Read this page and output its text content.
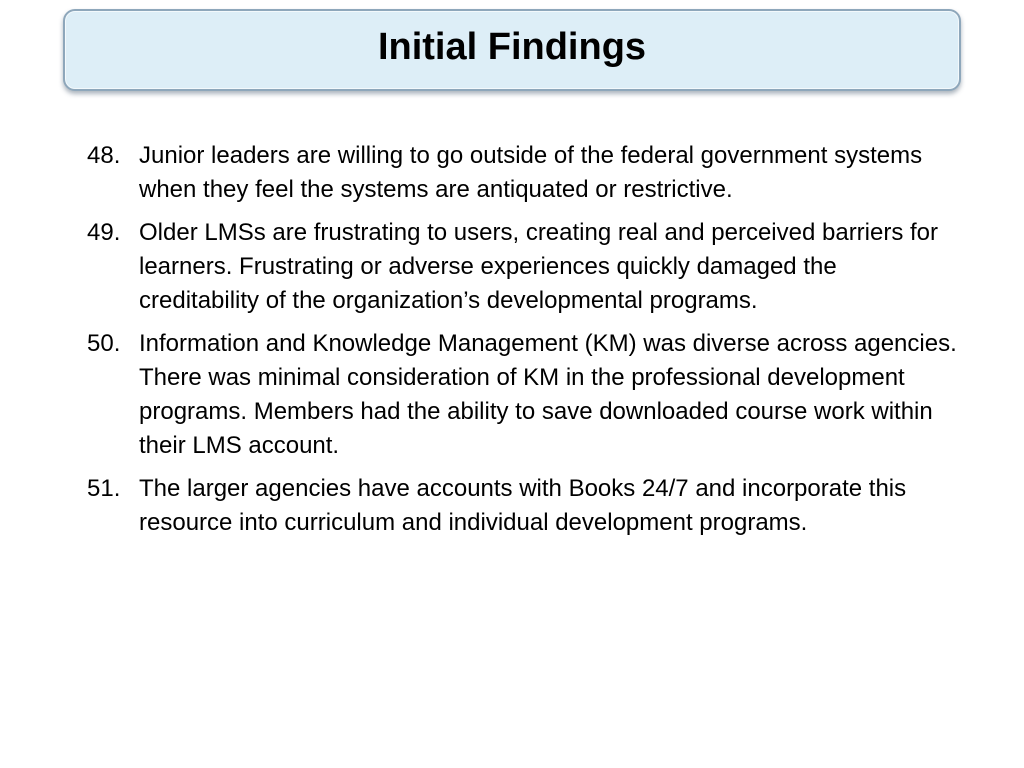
Initial Findings
48. Junior leaders are willing to go outside of the federal government systems when they feel the systems are antiquated or restrictive.
49. Older LMSs are frustrating to users, creating real and perceived barriers for learners. Frustrating or adverse experiences quickly damaged the creditability of the organization’s developmental programs.
50. Information and Knowledge Management (KM) was diverse across agencies. There was minimal consideration of KM in the professional development programs. Members had the ability to save downloaded course work within their LMS account.
51. The larger agencies have accounts with Books 24/7 and incorporate this resource into curriculum and individual development programs.
